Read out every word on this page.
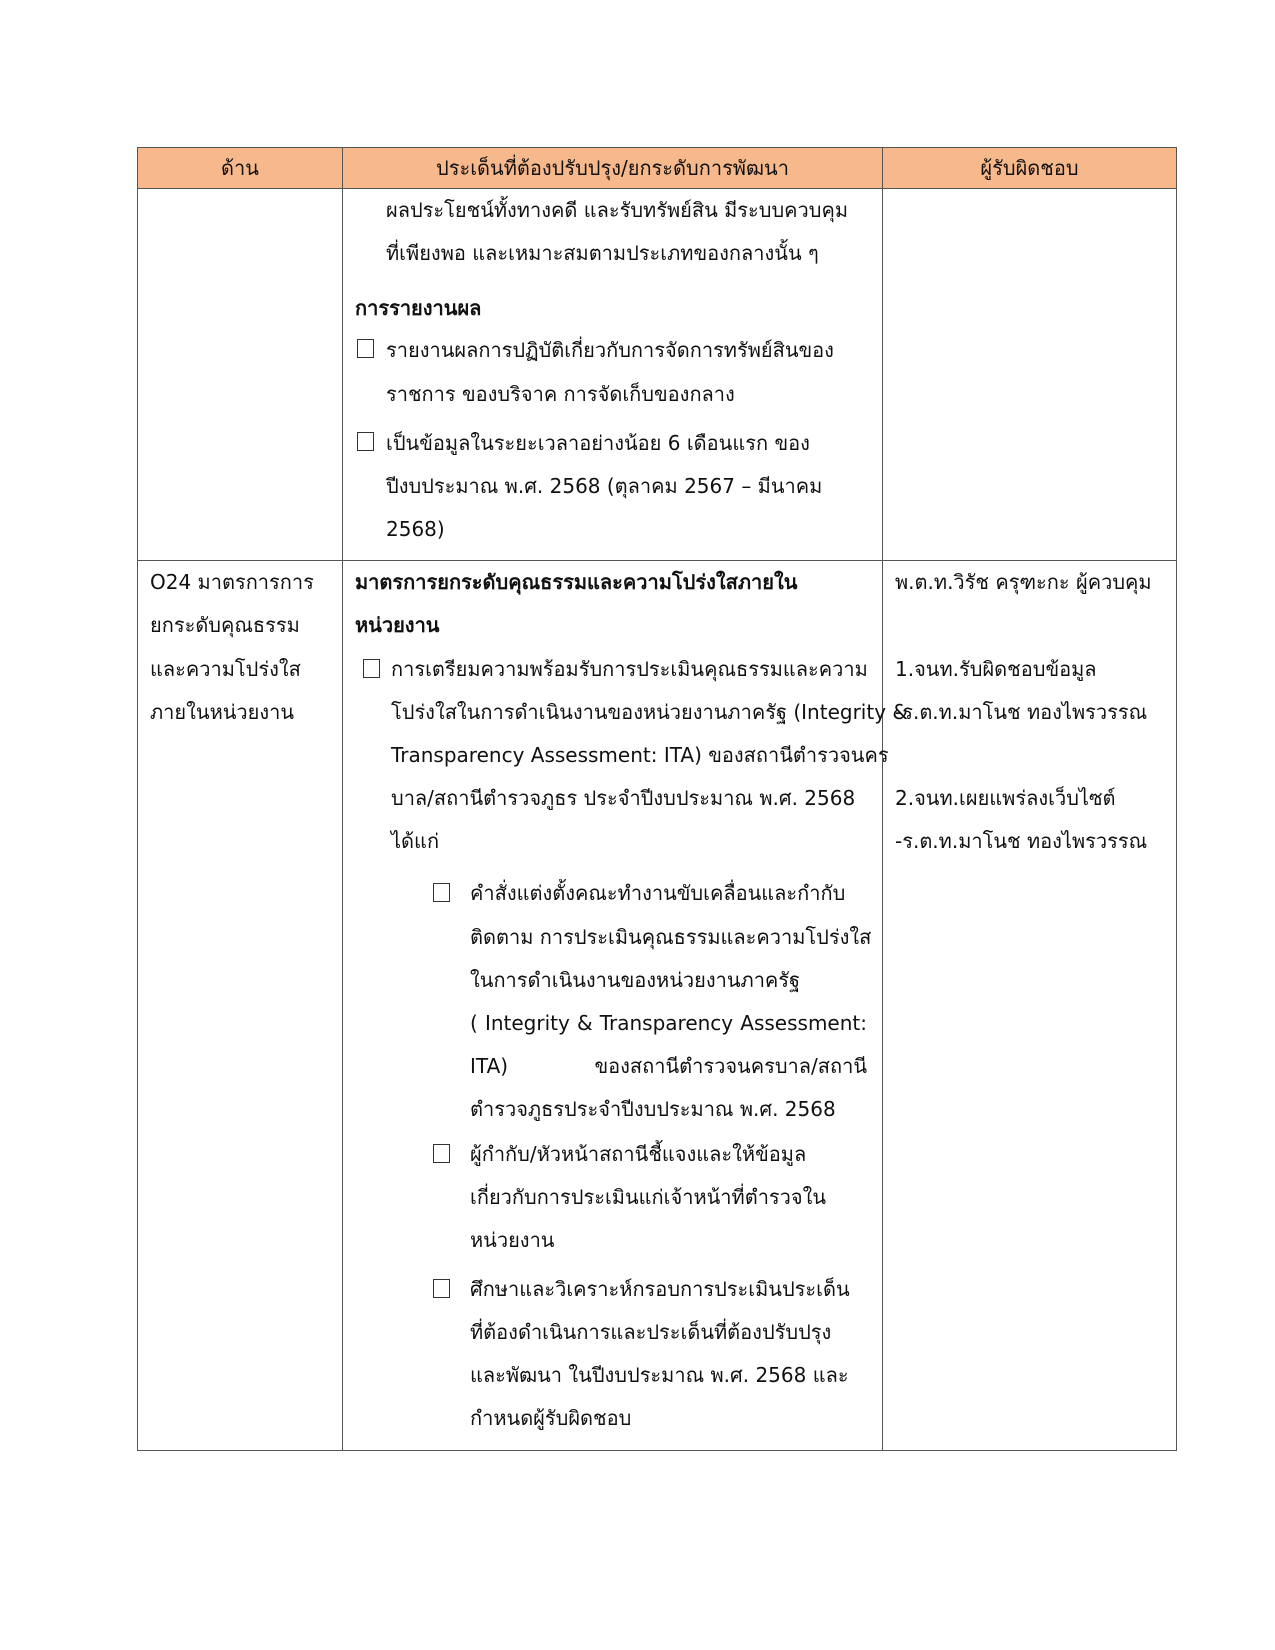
ด้าน	ประเด็นที่ต้องปรับปรุง/ยกระดับการพัฒนา	ผู้รับผิดชอบ
ผลประโยชน์ทั้งทางคดี และรับทรัพย์สิน มีระบบควบคุม
ที่เพียงพอ และเหมาะสมตามประเภทของกลางนั้น ๆ
การรายงานผล
รายงานผลการปฏิบัติเกี่ยวกับการจัดการทรัพย์สินของ
ราชการ ของบริจาค การจัดเก็บของกลาง
เป็นข้อมูลในระยะเวลาอย่างน้อย 6 เดือนแรก ของ
ปีงบประมาณ พ.ศ. 2568 (ตุลาคม 2567 – มีนาคม
2568)
O24 มาตรการการ
ยกระดับคุณธรรม
และความโปร่งใส
ภายในหน่วยงาน
มาตรการยกระดับคุณธรรมและความโปร่งใสภายใน
หน่วยงาน
การเตรียมความพร้อมรับการประเมินคุณธรรมและความ
โปร่งใสในการดำเนินงานของหน่วยงานภาครัฐ (Integrity &
Transparency Assessment: ITA) ของสถานีตำรวจนคร
บาล/สถานีตำรวจภูธร ประจำปีงบประมาณ พ.ศ. 2568
ได้แก่
คำสั่งแต่งตั้งคณะทำงานขับเคลื่อนและกำกับ
ติดตาม การประเมินคุณธรรมและความโปร่งใส
ในการดำเนินงานของหน่วยงานภาครัฐ
( Integrity & Transparency Assessment:
ITA) ของสถานีตำรวจนครบาล/สถานี
ตำรวจภูธรประจำปีงบประมาณ พ.ศ. 2568
ผู้กำกับ/หัวหน้าสถานีชี้แจงและให้ข้อมูล
เกี่ยวกับการประเมินแก่เจ้าหน้าที่ตำรวจใน
หน่วยงาน
ศึกษาและวิเคราะห์กรอบการประเมินประเด็น
ที่ต้องดำเนินการและประเด็นที่ต้องปรับปรุง
และพัฒนา ในปีงบประมาณ พ.ศ. 2568 และ
กำหนดผู้รับผิดชอบ
พ.ต.ท.วิรัช ครุฑะกะ ผู้ควบคุม
1.จนท.รับผิดชอบข้อมูล
-ร.ต.ท.มาโนช ทองไพรวรรณ
2.จนท.เผยแพร่ลงเว็บไซต์
-ร.ต.ท.มาโนช ทองไพรวรรณ
